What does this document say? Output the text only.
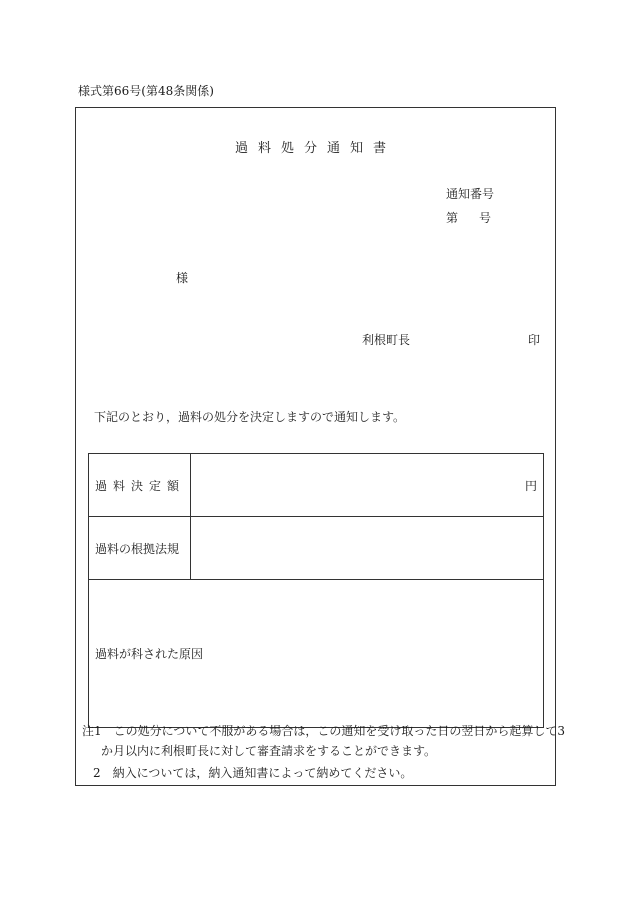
様式第66号(第48条関係)
過料処分通知書
通知番号
第 号
様
利根町長	印
下記のとおり，過料の処分を決定しますので通知します。
過料決定額	円
過料の根拠法規	
過料が科された原因	
注1　この処分について不服がある場合は，この通知を受け取った日の翌日から起算して3
か月以内に利根町長に対して審査請求をすることができます。
2　納入については，納入通知書によって納めてください。
